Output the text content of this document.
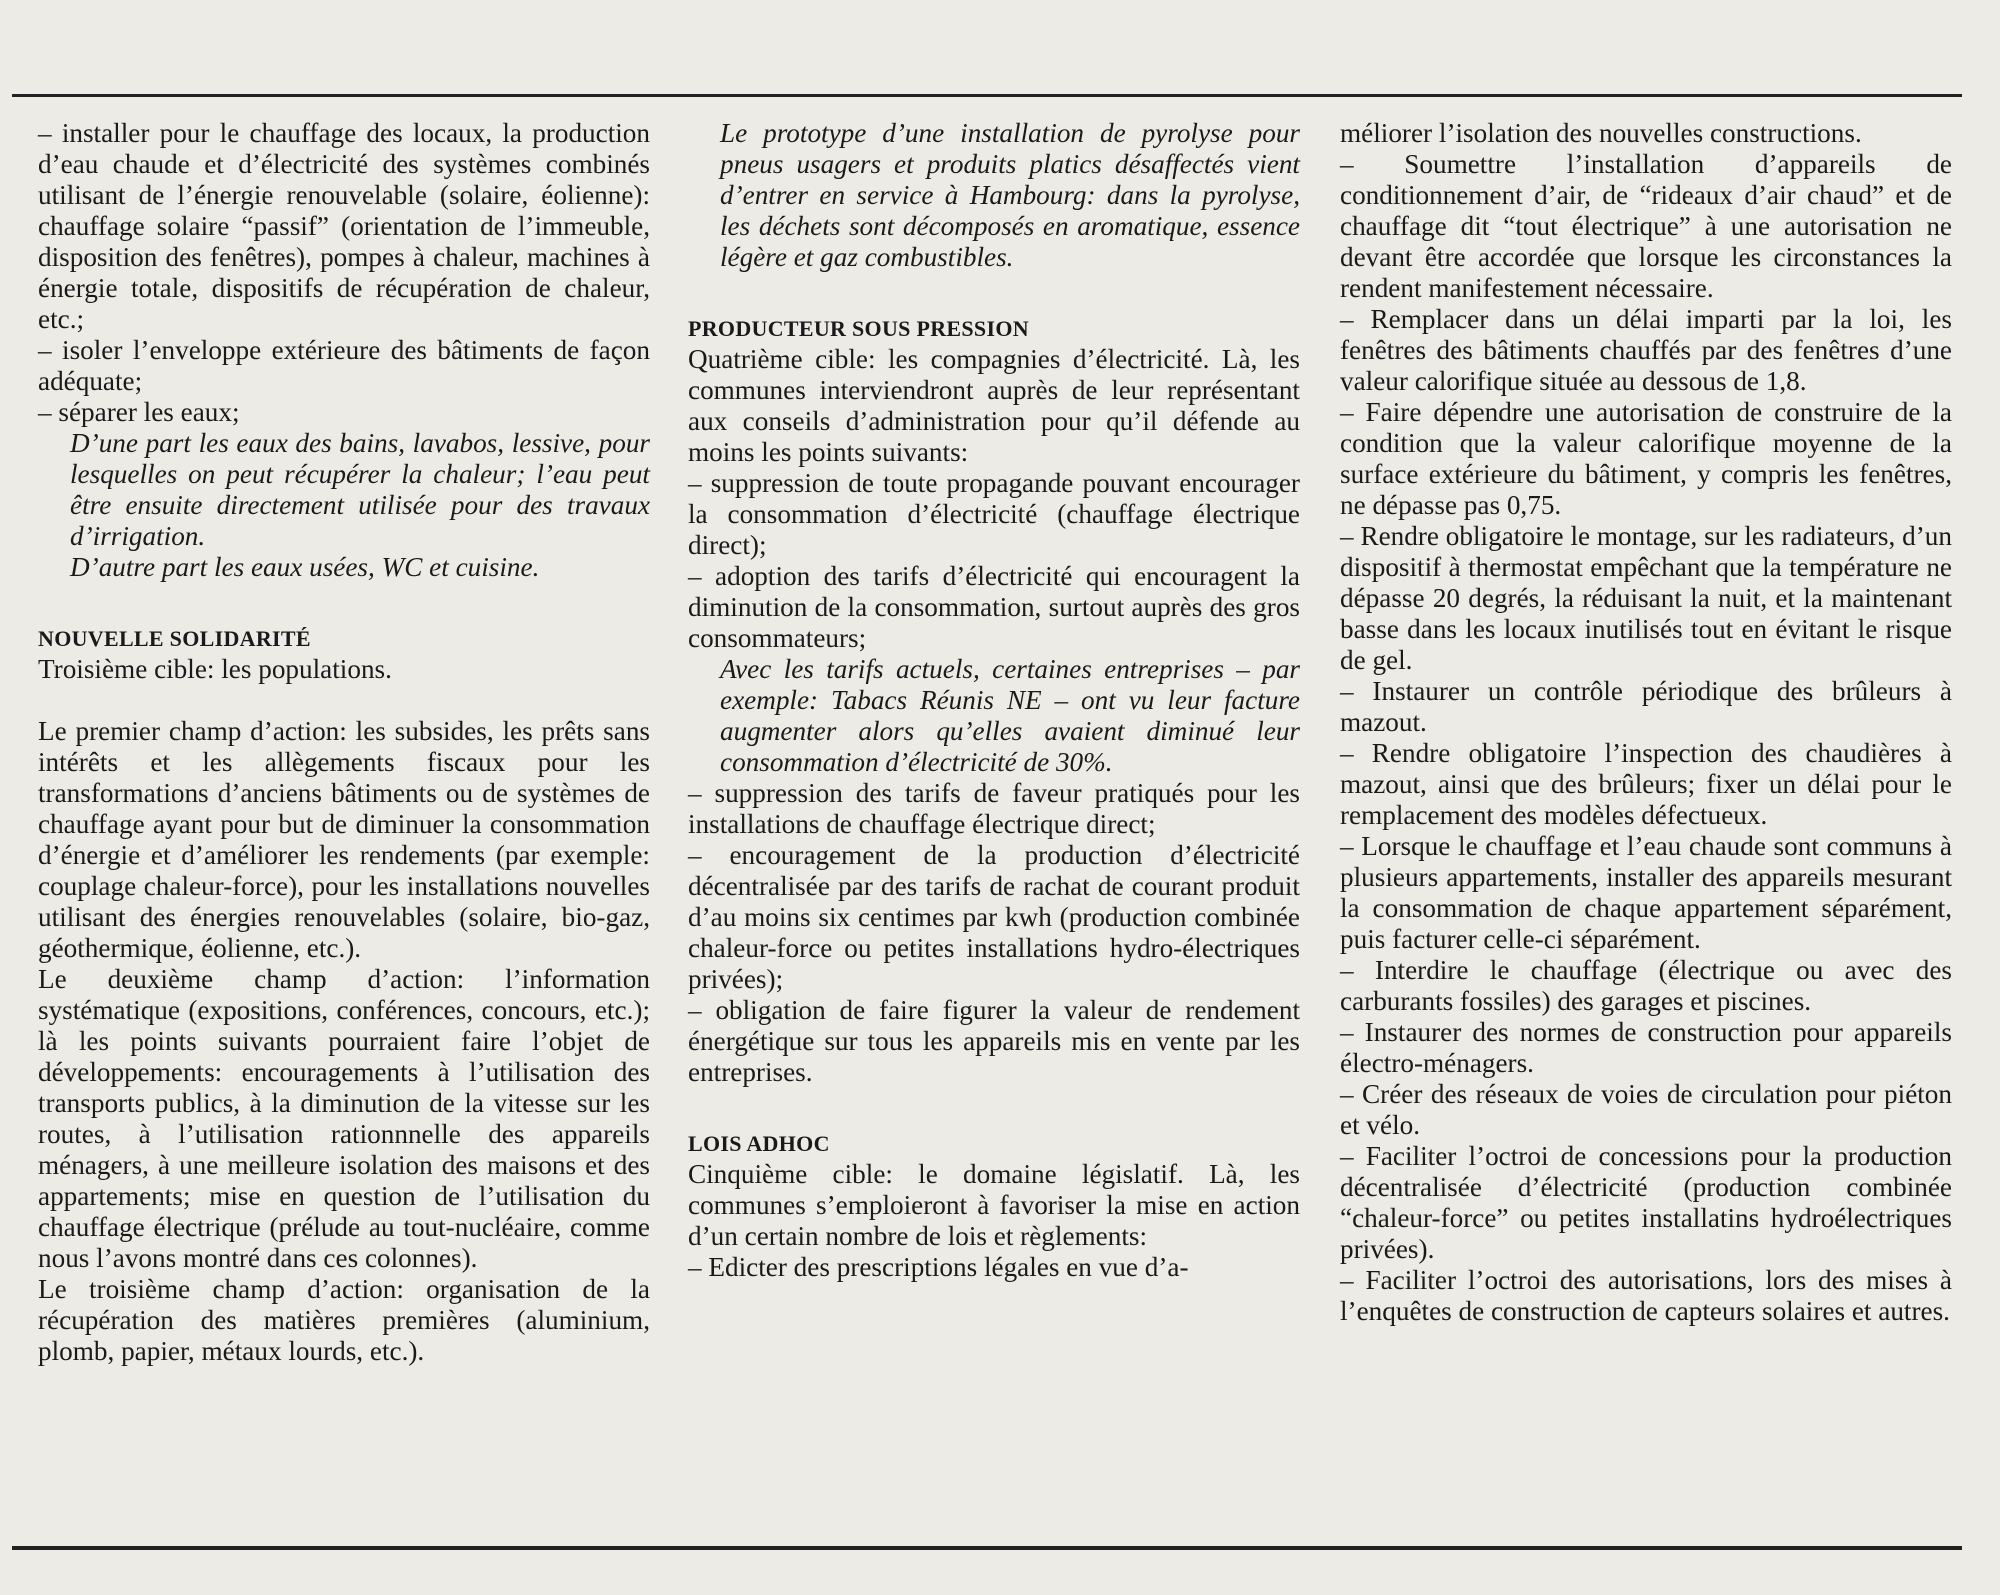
– installer pour le chauffage des locaux, la production d’eau chaude et d’électricité des systèmes combinés utilisant de l’énergie renouvelable (solaire, éolienne): chauffage solaire “passif” (orientation de l’immeuble, disposition des fenêtres), pompes à chaleur, machines à énergie totale, dispositifs de récupération de chaleur, etc.;

– isoler l’enveloppe extérieure des bâtiments de façon adéquate;

– séparer les eaux;

D’une part les eaux des bains, lavabos, lessive, pour lesquelles on peut récupérer la chaleur; l’eau peut être ensuite directement utilisée pour des travaux d’irrigation.

D’autre part les eaux usées, WC et cuisine.

NOUVELLE SOLIDARITÉ

Troisième cible: les populations.

Le premier champ d’action: les subsides, les prêts sans intérêts et les allègements fiscaux pour les transformations d’anciens bâtiments ou de systèmes de chauffage ayant pour but de diminuer la consommation d’énergie et d’améliorer les rendements (par exemple: couplage chaleur-force), pour les installations nouvelles utilisant des énergies renouvelables (solaire, bio-gaz, géothermique, éolienne, etc.).

Le deuxième champ d’action: l’information systématique (expositions, conférences, concours, etc.); là les points suivants pourraient faire l’objet de développements: encouragements à l’utilisation des transports publics, à la diminution de la vitesse sur les routes, à l’utilisation rationnnelle des appareils ménagers, à une meilleure isolation des maisons et des appartements; mise en question de l’utilisation du chauffage électrique (prélude au tout-nucléaire, comme nous l’avons montré dans ces colonnes).

Le troisième champ d’action: organisation de la récupération des matières premières (aluminium, plomb, papier, métaux lourds, etc.).

Le prototype d’une installation de pyrolyse pour pneus usagers et produits platics désaffectés vient d’entrer en service à Hambourg: dans la pyrolyse, les déchets sont décomposés en aromatique, essence légère et gaz combustibles.

PRODUCTEUR SOUS PRESSION

Quatrième cible: les compagnies d’électricité. Là, les communes interviendront auprès de leur représentant aux conseils d’administration pour qu’il défende au moins les points suivants:

– suppression de toute propagande pouvant encourager la consommation d’électricité (chauffage électrique direct);

– adoption des tarifs d’électricité qui encouragent la diminution de la consommation, surtout auprès des gros consommateurs;

Avec les tarifs actuels, certaines entreprises – par exemple: Tabacs Réunis NE – ont vu leur facture augmenter alors qu’elles avaient diminué leur consommation d’électricité de 30%.

– suppression des tarifs de faveur pratiqués pour les installations de chauffage électrique direct;

– encouragement de la production d’électricité décentralisée par des tarifs de rachat de courant produit d’au moins six centimes par kwh (production combinée chaleur-force ou petites installations hydro-électriques privées);

– obligation de faire figurer la valeur de rendement énergétique sur tous les appareils mis en vente par les entreprises.

LOIS ADHOC

Cinquième cible: le domaine législatif. Là, les communes s’emploieront à favoriser la mise en action d’un certain nombre de lois et règlements:

– Edicter des prescriptions légales en vue d’a-

méliorer l’isolation des nouvelles constructions.

– Soumettre l’installation d’appareils de conditionnement d’air, de “rideaux d’air chaud” et de chauffage dit “tout électrique” à une autorisation ne devant être accordée que lorsque les circonstances la rendent manifestement nécessaire.

– Remplacer dans un délai imparti par la loi, les fenêtres des bâtiments chauffés par des fenêtres d’une valeur calorifique située au dessous de 1,8.

– Faire dépendre une autorisation de construire de la condition que la valeur calorifique moyenne de la surface extérieure du bâtiment, y compris les fenêtres, ne dépasse pas 0,75.

– Rendre obligatoire le montage, sur les radiateurs, d’un dispositif à thermostat empêchant que la température ne dépasse 20 degrés, la réduisant la nuit, et la maintenant basse dans les locaux inutilisés tout en évitant le risque de gel.

– Instaurer un contrôle périodique des brûleurs à mazout.

– Rendre obligatoire l’inspection des chaudières à mazout, ainsi que des brûleurs; fixer un délai pour le remplacement des modèles défectueux.

– Lorsque le chauffage et l’eau chaude sont communs à plusieurs appartements, installer des appareils mesurant la consommation de chaque appartement séparément, puis facturer celle-ci séparément.

– Interdire le chauffage (électrique ou avec des carburants fossiles) des garages et piscines.

– Instaurer des normes de construction pour appareils électro-ménagers.

– Créer des réseaux de voies de circulation pour piéton et vélo.

– Faciliter l’octroi de concessions pour la production décentralisée d’électricité (production combinée “chaleur-force” ou petites installatins hydroélectriques privées).

– Faciliter l’octroi des autorisations, lors des mises à l’enquêtes de construction de capteurs solaires et autres.
